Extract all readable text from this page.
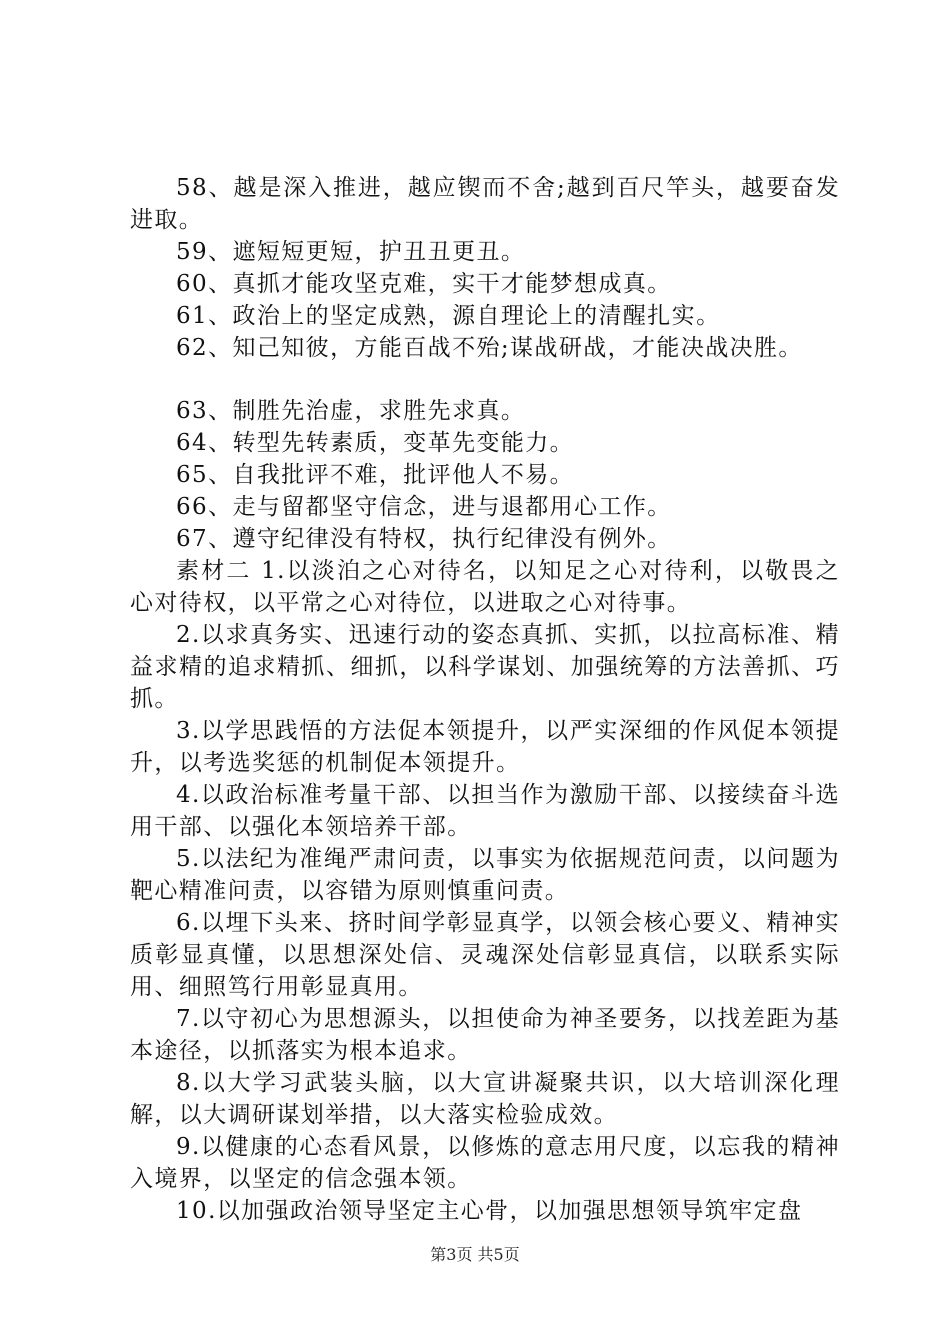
58、越是深入推进，越应锲而不舍;越到百尺竿头，越要奋发进取。

59、遮短短更短，护丑丑更丑。

60、真抓才能攻坚克难，实干才能梦想成真。

61、政治上的坚定成熟，源自理论上的清醒扎实。

62、知己知彼，方能百战不殆;谋战研战，才能决战决胜。

63、制胜先治虚，求胜先求真。

64、转型先转素质，变革先变能力。

65、自我批评不难，批评他人不易。

66、走与留都坚守信念，进与退都用心工作。

67、遵守纪律没有特权，执行纪律没有例外。

素材二 1.以淡泊之心对待名，以知足之心对待利，以敬畏之心对待权，以平常之心对待位，以进取之心对待事。

2.以求真务实、迅速行动的姿态真抓、实抓，以拉高标准、精益求精的追求精抓、细抓，以科学谋划、加强统筹的方法善抓、巧抓。

3.以学思践悟的方法促本领提升，以严实深细的作风促本领提升，以考选奖惩的机制促本领提升。

4.以政治标准考量干部、以担当作为激励干部、以接续奋斗选用干部、以强化本领培养干部。

5.以法纪为准绳严肃问责，以事实为依据规范问责，以问题为靶心精准问责，以容错为原则慎重问责。

6.以埋下头来、挤时间学彰显真学，以领会核心要义、精神实质彰显真懂，以思想深处信、灵魂深处信彰显真信，以联系实际用、细照笃行用彰显真用。

7.以守初心为思想源头，以担使命为神圣要务，以找差距为基本途径，以抓落实为根本追求。

8.以大学习武装头脑，以大宣讲凝聚共识，以大培训深化理解，以大调研谋划举措，以大落实检验成效。

9.以健康的心态看风景，以修炼的意志用尺度，以忘我的精神入境界，以坚定的信念强本领。

10.以加强政治领导坚定主心骨，以加强思想领导筑牢定盘

第3页 共5页
